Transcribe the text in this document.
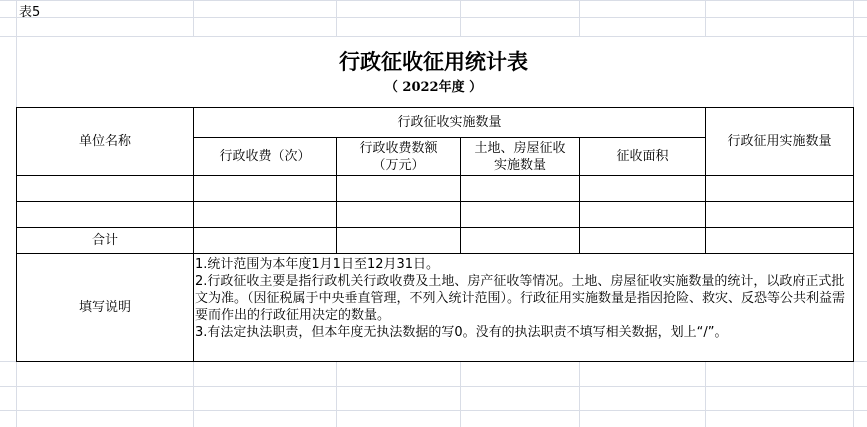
表5
行政征收征用统计表
（ 2022年度 ）
单位名称
行政征收实施数量
行政收费（次）
行政收费数额
（万元）
土地、房屋征收
实施数量
征收面积
行政征用实施数量
合计
填写说明
1.统计范围为本年度1月1日至12月31日。
2.行政征收主要是指行政机关行政收费及土地、房产征收等情况。土地、房屋征收实施数量的统计，以政府正式批文为准。（因征税属于中央垂直管理，不列入统计范围）。行政征用实施数量是指因抢险、救灾、反恐等公共利益需要而作出的行政征用决定的数量。
3.有法定执法职责，但本年度无执法数据的写0。没有的执法职责不填写相关数据，划上“/”。
